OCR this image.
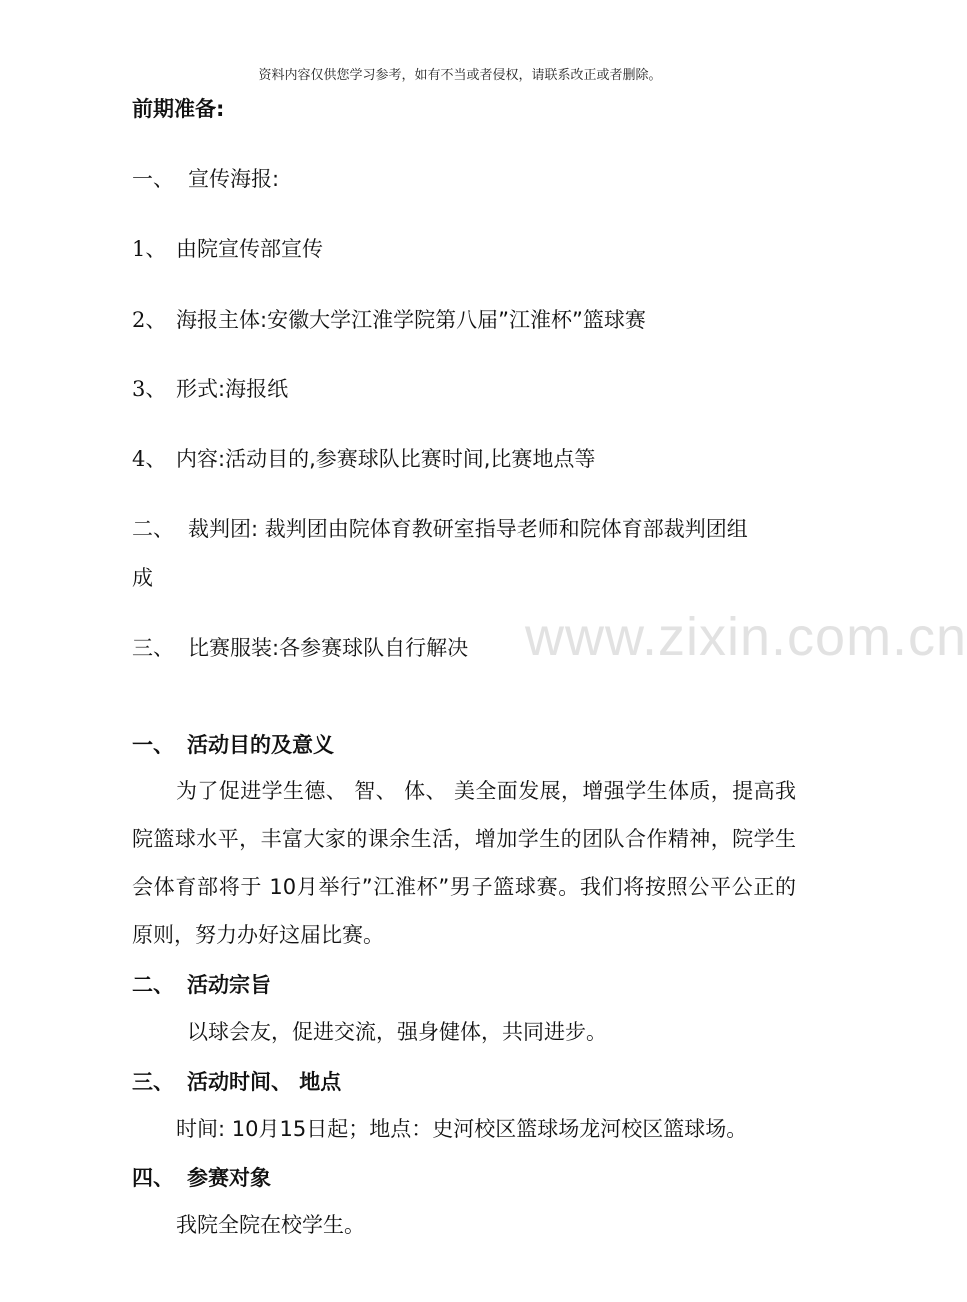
资料内容仅供您学习参考，如有不当或者侵权，请联系改正或者删除。
www.zixin.com.cn
前期准备:
一、 宣传海报:
1、 由院宣传部宣传
2、 海报主体:安徽大学江淮学院第八届”江淮杯”篮球赛
3、 形式:海报纸
4、 内容:活动目的,参赛球队比赛时间,比赛地点等
二、 裁判团: 裁判团由院体育教研室指导老师和院体育部裁判团组
成
三、 比赛服装:各参赛球队自行解决
一、 活动目的及意义
为了促进学生德、 智、 体、 美全面发展，增强学生体质，提高我院篮球水平，丰富大家的课余生活，增加学生的团队合作精神，院学生会体育部将于 10月举行”江淮杯”男子篮球赛。我们将按照公平公正的原则，努力办好这届比赛。
二、 活动宗旨
以球会友，促进交流，强身健体，共同进步。
三、 活动时间、 地点
时间: 10月15日起；地点：史河校区篮球场龙河校区篮球场。
四、 参赛对象
我院全院在校学生。
